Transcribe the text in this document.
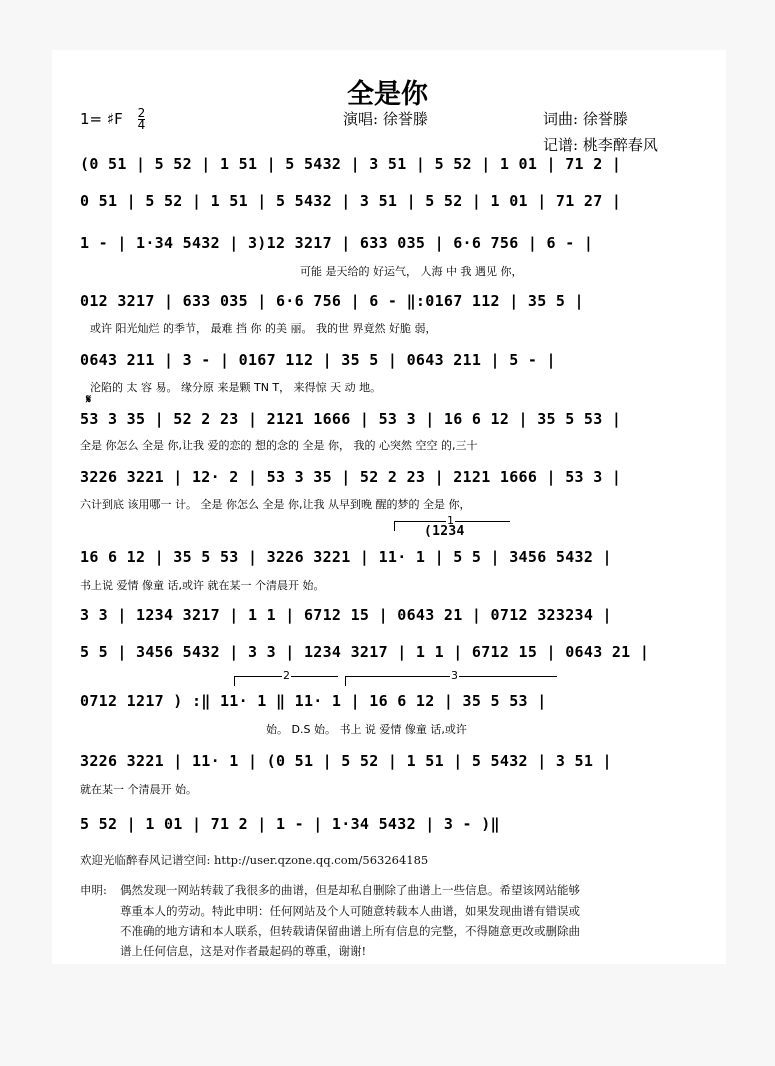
全是你
1= ♯F $\frac{2}{4}$	演唱: 徐誉滕	词曲: 徐誉滕
记谱: 桃李醉春风
(0 51 | 5 52 | 1 51 | 5 5432 | 3 51 | 5 52 | 1 01 | 71 2 |
0 51 | 5 52 | 1 51 | 5 5432 | 3 51 | 5 52 | 1 01 | 71 27 |
1 - | 1·34 5432 | 3)12 3217 | 633 035 | 6·6 756 | 6 - |
可能 是天给的 好运气， 人海 中 我 遇见 你，
012 3217 | 633 035 | 6·6 756 | 6 - ‖:0167 112 | 35 5 |
或许 阳光灿烂 的季节， 最难 挡 你 的美 丽。 我的世 界竟然 好脆 弱，
0643 211 | 3 - | 0167 112 | 35 5 | 0643 211 | 5 - |
沦陷的 太 容 易。 缘分原 来是颗 TN T， 来得惊 天 动 地。
𝄋
53 3 35 | 52 2 23 | 2121 1666 | 53 3 | 16 6 12 | 35 5 53 |
全是 你怎么 全是 你,让我 爱的恋的 想的念的 全是 你， 我的 心突然 空空 的,三十
3226 3221 | 12· 2 | 53 3 35 | 52 2 23 | 2121 1666 | 53 3 |
六计到底 该用哪一 计。 全是 你怎么 全是 你,让我 从早到晚 醒的梦的 全是 你，
1
(1234
16 6 12 | 35 5 53 | 3226 3221 | 11· 1 | 5 5 | 3456 5432 |
书上说 爱情 像童 话,或许 就在某一 个清晨开 始。
3 3 | 1234 3217 | 1 1 | 6712 15 | 0643 21 | 0712 323234 |
5 5 | 3456 5432 | 3 3 | 1234 3217 | 1 1 | 6712 15 | 0643 21 |
2	3
0712 1217 ) :‖ 11· 1 ‖ 11· 1 | 16 6 12 | 35 5 53 |
始。 D.S 始。 书上 说 爱情 像童 话,或许
3226 3221 | 11· 1 | (0 51 | 5 52 | 1 51 | 5 5432 | 3 51 |
就在某一 个清晨开 始。
5 52 | 1 01 | 71 2 | 1 - | 1·34 5432 | 3 - )‖
欢迎光临醉春风记谱空间: http://user.qzone.qq.com/563264185
申明: 偶然发现一网站转载了我很多的曲谱，但是却私自删除了曲谱上一些信息。希望该网站能够
尊重本人的劳动。特此申明：任何网站及个人可随意转载本人曲谱，如果发现曲谱有错误或
不准确的地方请和本人联系，但转载请保留曲谱上所有信息的完整，不得随意更改或删除曲
谱上任何信息，这是对作者最起码的尊重，谢谢!
